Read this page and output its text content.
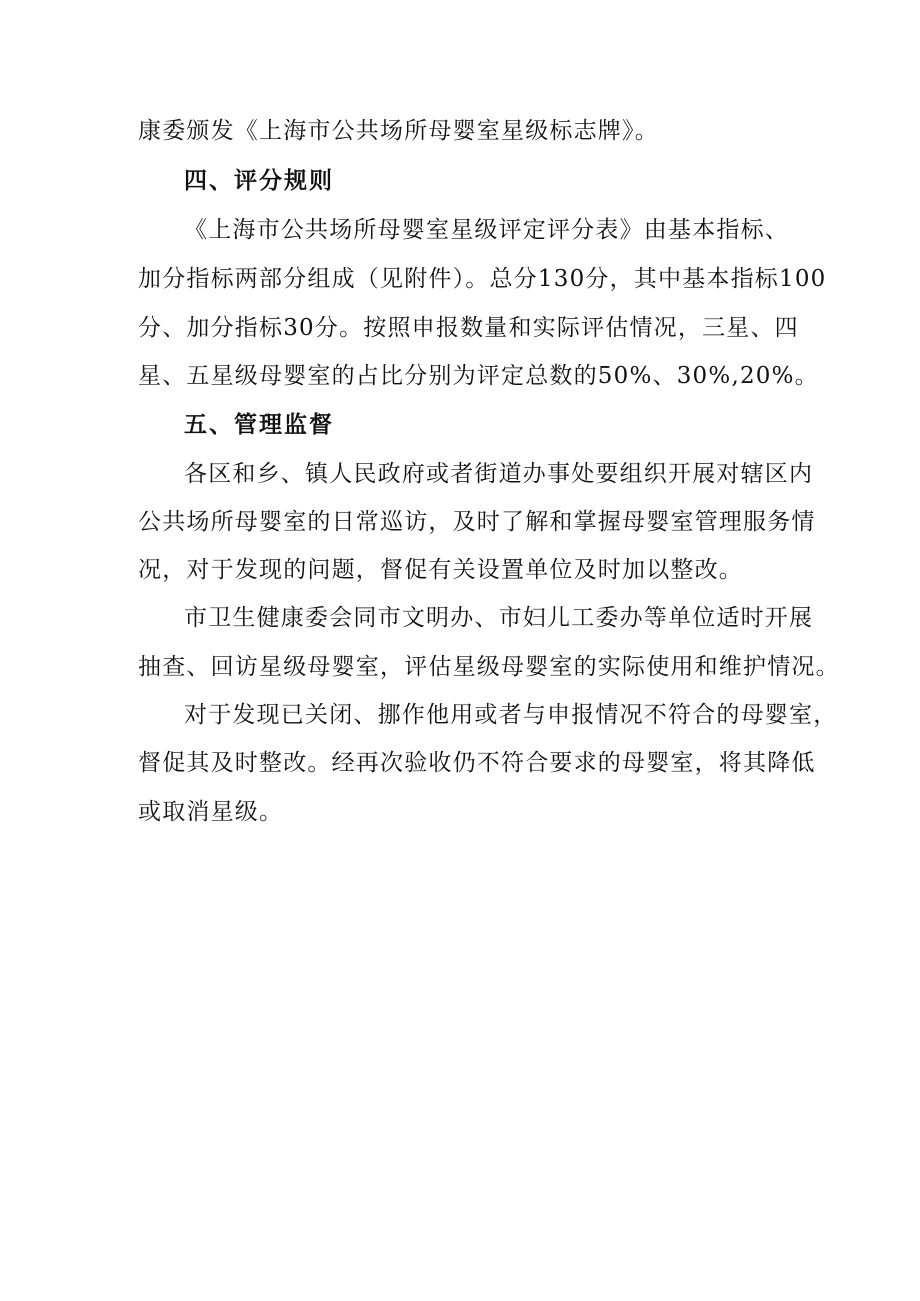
康委颁发《上海市公共场所母婴室星级标志牌》。
四、评分规则
《上海市公共场所母婴室星级评定评分表》由基本指标、
加分指标两部分组成（见附件）。总分130分，其中基本指标100
分、加分指标30分。按照申报数量和实际评估情况，三星、四
星、五星级母婴室的占比分别为评定总数的50%、30%,20%。
五、管理监督
各区和乡、镇人民政府或者街道办事处要组织开展对辖区内
公共场所母婴室的日常巡访，及时了解和掌握母婴室管理服务情
况，对于发现的问题，督促有关设置单位及时加以整改。
市卫生健康委会同市文明办、市妇儿工委办等单位适时开展
抽查、回访星级母婴室，评估星级母婴室的实际使用和维护情况。
对于发现已关闭、挪作他用或者与申报情况不符合的母婴室，
督促其及时整改。经再次验收仍不符合要求的母婴室，将其降低
或取消星级。
